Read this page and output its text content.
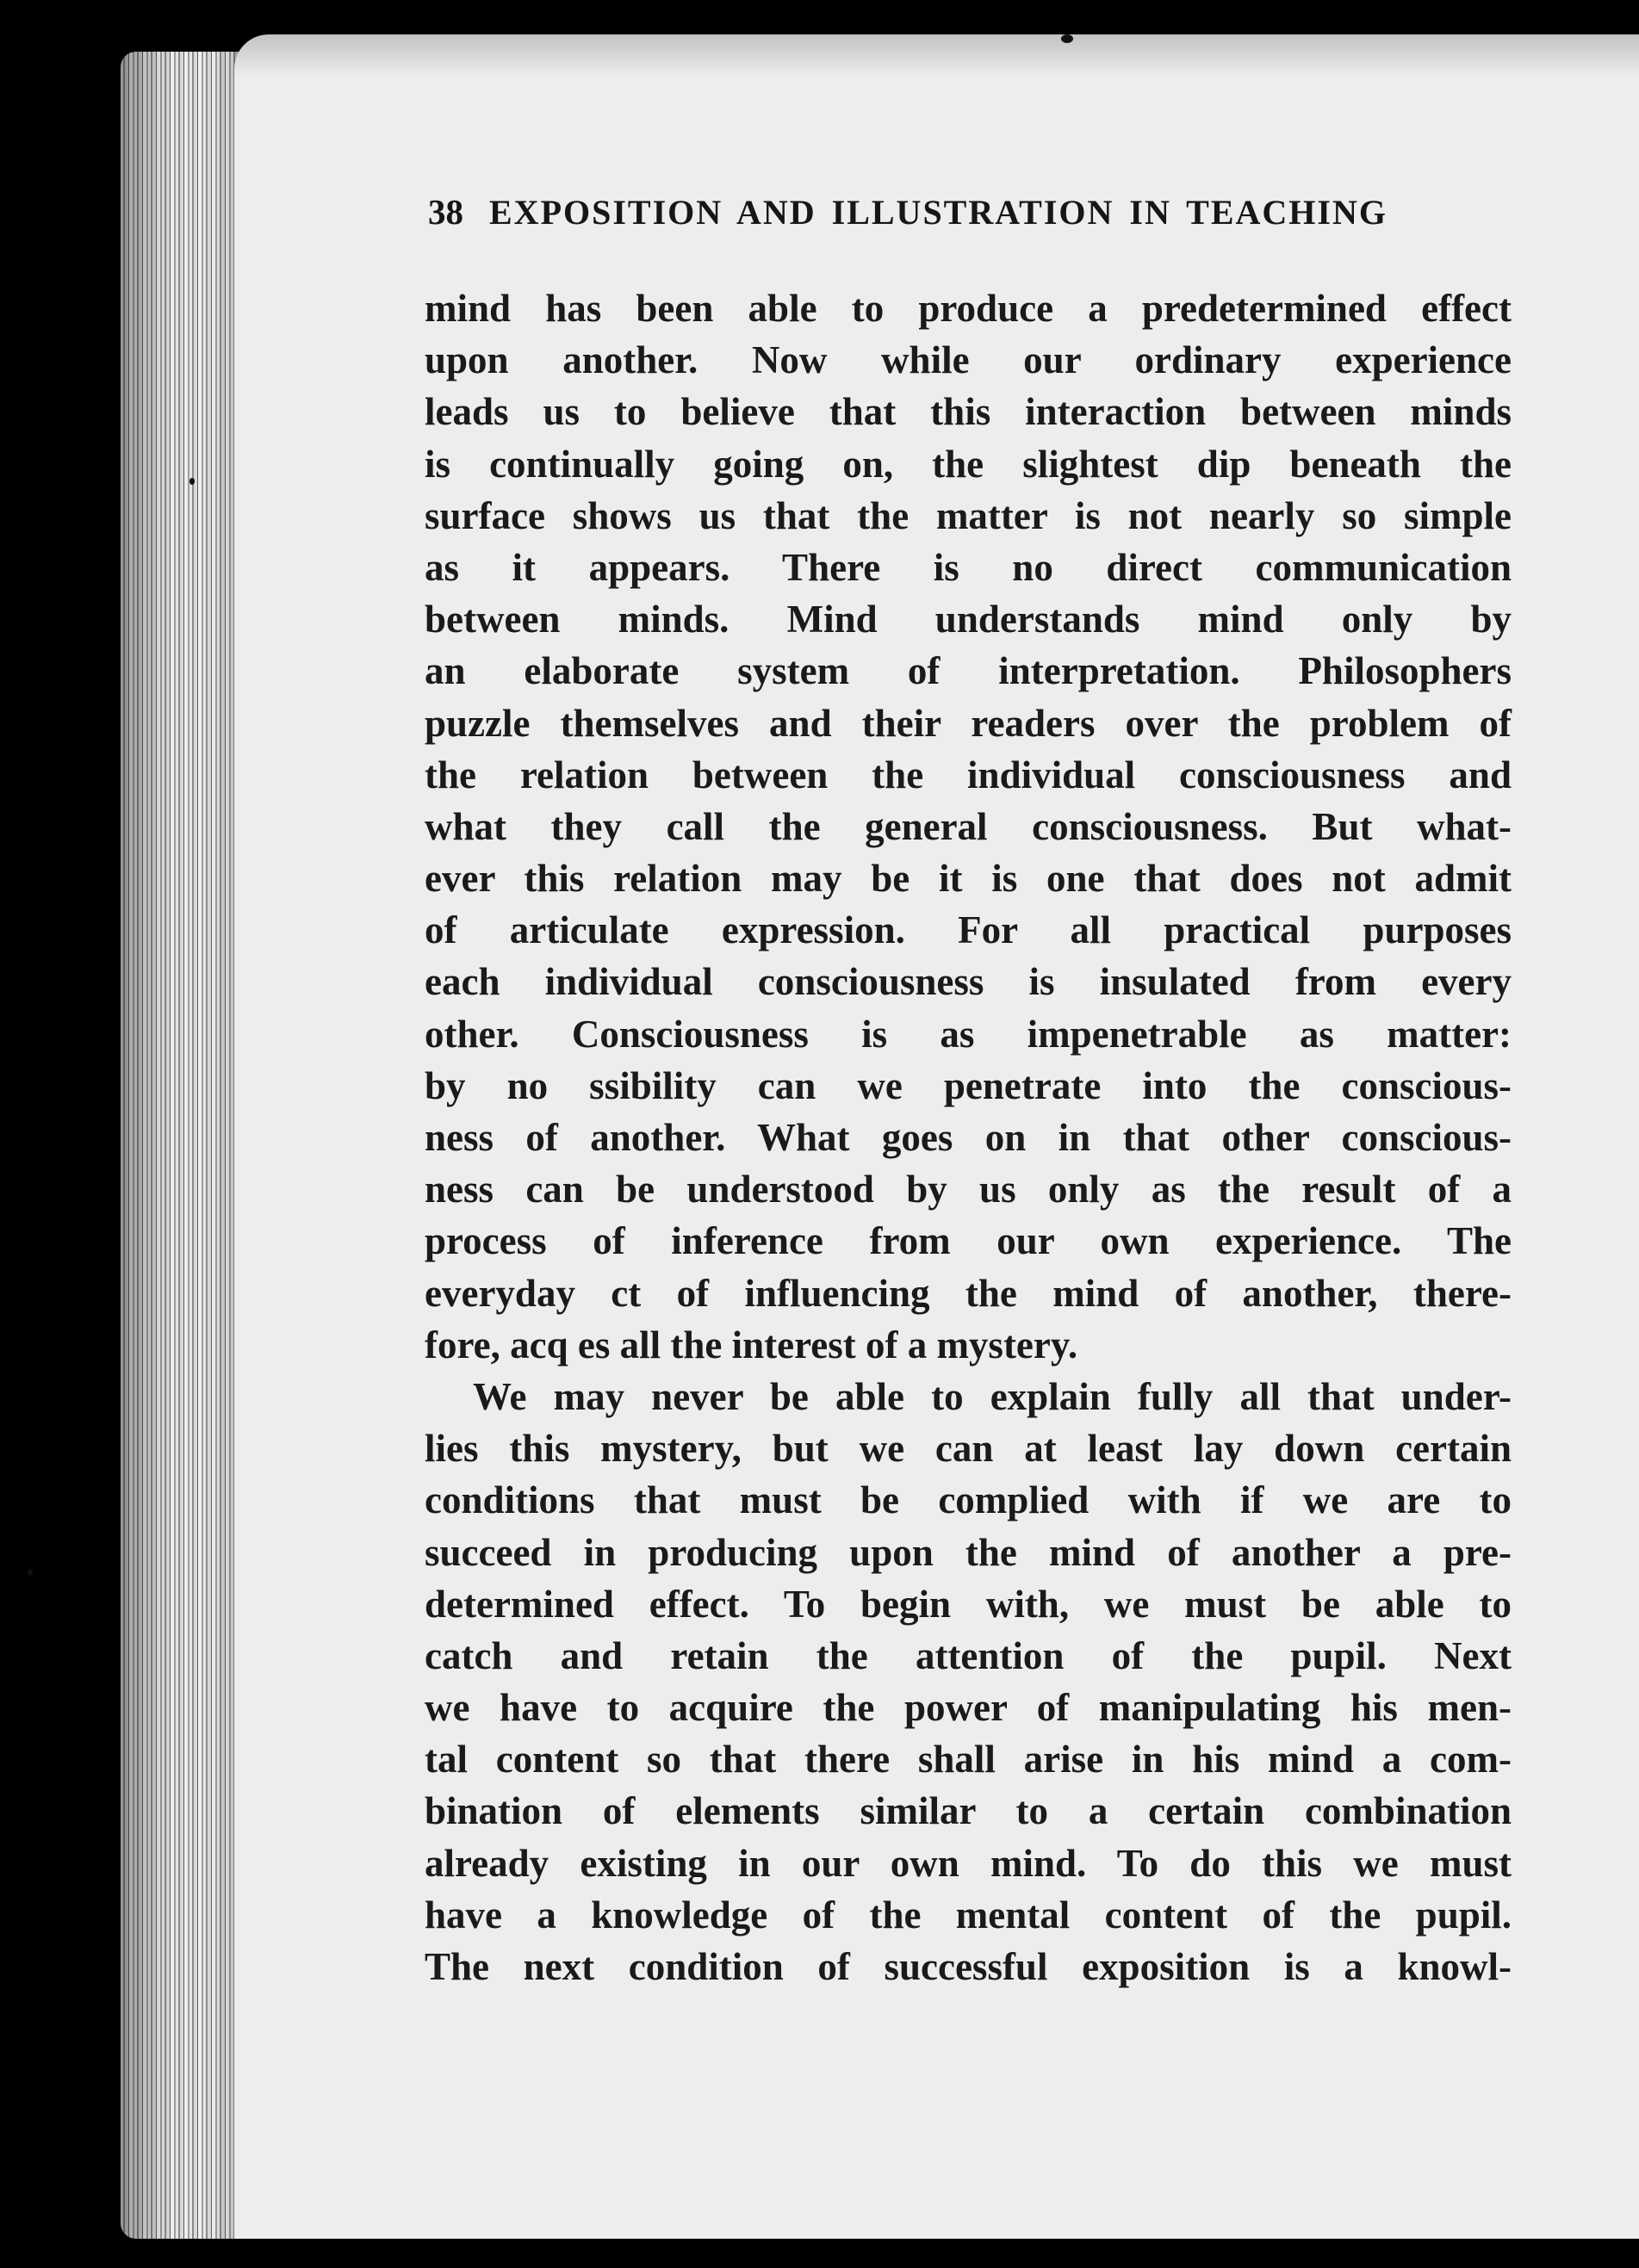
38 EXPOSITION AND ILLUSTRATION IN TEACHING
mind has been able to produce a predetermined effect
upon another. Now while our ordinary experience
leads us to believe that this interaction between minds
is continually going on, the slightest dip beneath the
surface shows us that the matter is not nearly so simple
as it appears. There is no direct communication
between minds. Mind understands mind only by
an elaborate system of interpretation. Philosophers
puzzle themselves and their readers over the problem of
the relation between the individual consciousness and
what they call the general consciousness. But what-
ever this relation may be it is one that does not admit
of articulate expression. For all practical purposes
each individual consciousness is insulated from every
other. Consciousness is as impenetrable as matter:
by no ssibility can we penetrate into the conscious-
ness of another. What goes on in that other conscious-
ness can be understood by us only as the result of a
process of inference from our own experience. The
everyday ct of influencing the mind of another, there-
fore, acq es all the interest of a mystery.
We may never be able to explain fully all that under-
lies this mystery, but we can at least lay down certain
conditions that must be complied with if we are to
succeed in producing upon the mind of another a pre-
determined effect. To begin with, we must be able to
catch and retain the attention of the pupil. Next
we have to acquire the power of manipulating his men-
tal content so that there shall arise in his mind a com-
bination of elements similar to a certain combination
already existing in our own mind. To do this we must
have a knowledge of the mental content of the pupil.
The next condition of successful exposition is a knowl-
